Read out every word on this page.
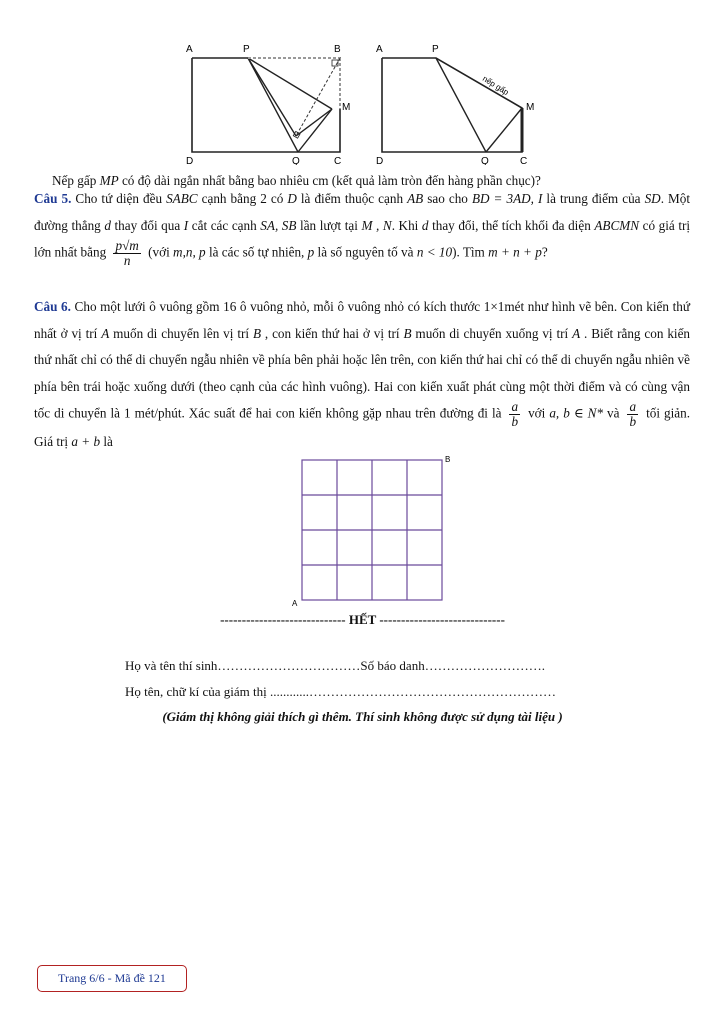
A	P	B
M
D	Q	C
A	P
M
D	Q	C
nếp gấp
Nếp gấp MP có độ dài ngắn nhất bằng bao nhiêu cm (kết quả làm tròn đến hàng phần chục)?
Câu 5. Cho tứ diện đều SABC cạnh bằng 2 có D là điểm thuộc cạnh AB sao cho BD = 3AD, I là trung điểm của SD. Một đường thẳng d thay đổi qua I cắt các cạnh SA, SB lần lượt tại M , N. Khi d thay đổi, thể tích khối đa diện ABCMN có giá trị lớn nhất bằng $\frac{p√m}{n}$ (với m,n, p là các số tự nhiên, p là số nguyên tố và n < 10). Tìm m + n + p?
Câu 6. Cho một lưới ô vuông gồm 16 ô vuông nhỏ, mỗi ô vuông nhỏ có kích thước 1×1mét như hình vẽ bên. Con kiến thứ nhất ở vị trí A muốn di chuyển lên vị trí B , con kiến thứ hai ở vị trí B muốn di chuyển xuống vị trí A . Biết rằng con kiến thứ nhất chỉ có thể di chuyển ngẫu nhiên về phía bên phải hoặc lên trên, con kiến thứ hai chỉ có thể di chuyển ngẫu nhiên về phía bên trái hoặc xuống dưới (theo cạnh của các hình vuông). Hai con kiến xuất phát cùng một thời điểm và có cùng vận tốc di chuyển là 1 mét/phút. Xác suất để hai con kiến không gặp nhau trên đường đi là $\frac{a}{b}$ với a, b ∈ N* và $\frac{a}{b}$ tối giản. Giá trị a + b là
B
A
----------------------------- HẾT -----------------------------
Họ và tên thí sinh……………………………Số báo danh……………………….
Họ tên, chữ kí của giám thị ............…………………………………………………
(Giám thị không giải thích gì thêm. Thí sinh không được sử dụng tài liệu )
Trang 6/6 - Mã đề 121
